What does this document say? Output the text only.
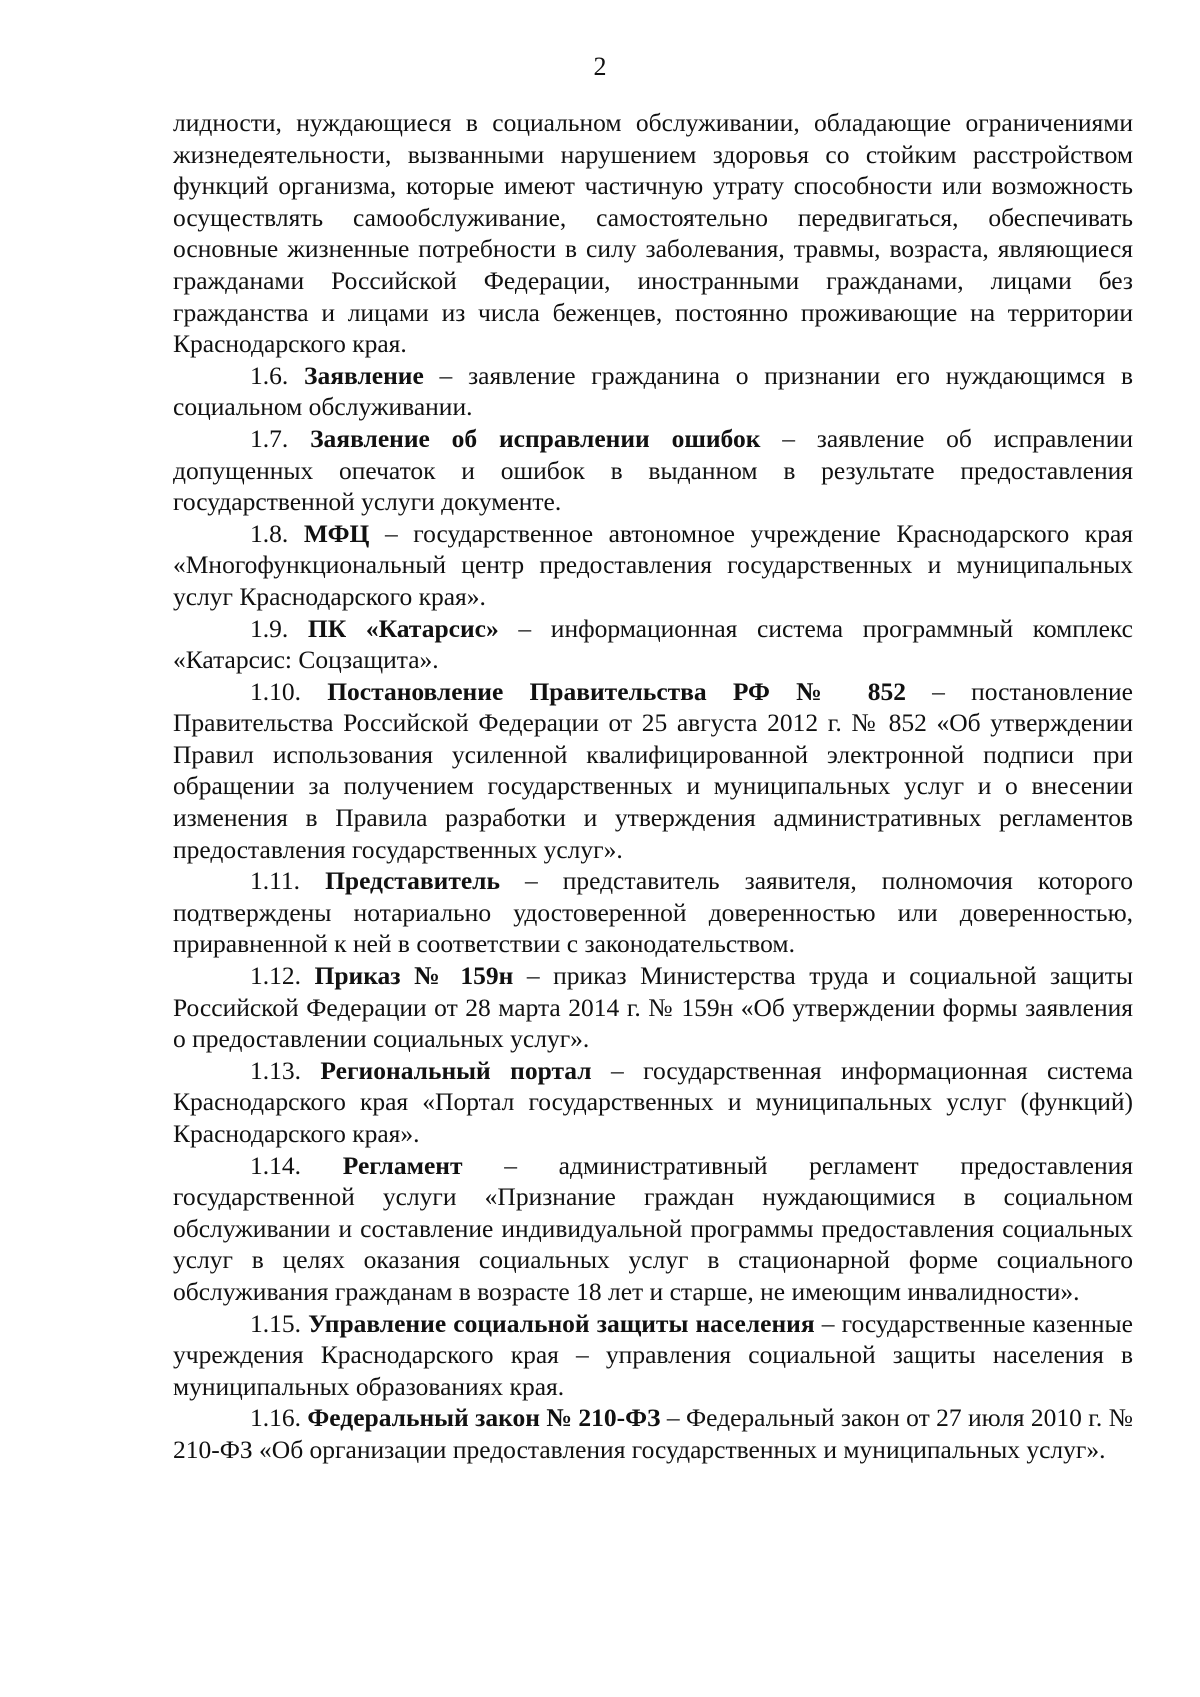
2

лидности, нуждающиеся в социальном обслуживании, обладающие ограничениями жизнедеятельности, вызванными нарушением здоровья со стойким расстройством функций организма, которые имеют частичную утрату способности или возможность осуществлять самообслуживание, самостоятельно передвигаться, обеспечивать основные жизненные потребности в силу заболевания, травмы, возраста, являющиеся гражданами Российской Федерации, иностранными гражданами, лицами без гражданства и лицами из числа беженцев, постоянно проживающие на территории Краснодарского края.

1.6. Заявление – заявление гражданина о признании его нуждающимся в социальном обслуживании.

1.7. Заявление об исправлении ошибок – заявление об исправлении допущенных опечаток и ошибок в выданном в результате предоставления государственной услуги документе.

1.8. МФЦ – государственное автономное учреждение Краснодарского края «Многофункциональный центр предоставления государственных и муниципальных услуг Краснодарского края».

1.9. ПК «Катарсис» – информационная система программный комплекс «Катарсис: Соцзащита».

1.10. Постановление Правительства РФ № 852 – постановление Правительства Российской Федерации от 25 августа 2012 г. № 852 «Об утверждении Правил использования усиленной квалифицированной электронной подписи при обращении за получением государственных и муниципальных услуг и о внесении изменения в Правила разработки и утверждения административных регламентов предоставления государственных услуг».

1.11. Представитель – представитель заявителя, полномочия которого подтверждены нотариально удостоверенной доверенностью или доверенностью, приравненной к ней в соответствии с законодательством.

1.12. Приказ № 159н – приказ Министерства труда и социальной защиты Российской Федерации от 28 марта 2014 г. № 159н «Об утверждении формы заявления о предоставлении социальных услуг».

1.13. Региональный портал – государственная информационная система Краснодарского края «Портал государственных и муниципальных услуг (функций) Краснодарского края».

1.14. Регламент – административный регламент предоставления государственной услуги «Признание граждан нуждающимися в социальном обслуживании и составление индивидуальной программы предоставления социальных услуг в целях оказания социальных услуг в стационарной форме социального обслуживания гражданам в возрасте 18 лет и старше, не имеющим инвалидности».

1.15. Управление социальной защиты населения – государственные казенные учреждения Краснодарского края – управления социальной защиты населения в муниципальных образованиях края.

1.16. Федеральный закон № 210-ФЗ – Федеральный закон от 27 июля 2010 г. № 210-ФЗ «Об организации предоставления государственных и муниципальных услуг».
